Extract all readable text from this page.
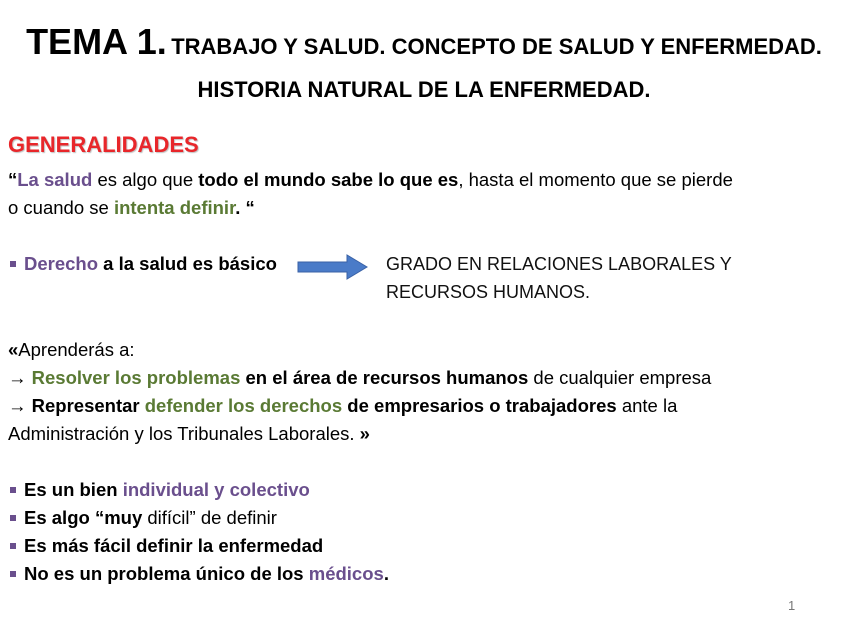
TEMA 1. TRABAJO Y SALUD. CONCEPTO DE SALUD Y ENFERMEDAD. HISTORIA NATURAL DE LA ENFERMEDAD.
GENERALIDADES
“La salud es algo que todo el mundo sabe lo que es, hasta el momento que se pierde
o cuando se intenta definir. “
Derecho a la salud es básico	GRADO EN RELACIONES LABORALES Y
RECURSOS HUMANOS.
«Aprenderás a:
→ Resolver los problemas en el área de recursos humanos de cualquier empresa
→ Representar defender los derechos de empresarios o trabajadores ante la
Administración y los Tribunales Laborales. »
Es un bien individual y colectivo
Es algo “muy difícil” de definir
Es más fácil definir la enfermedad
No es un problema único de los médicos.
1
